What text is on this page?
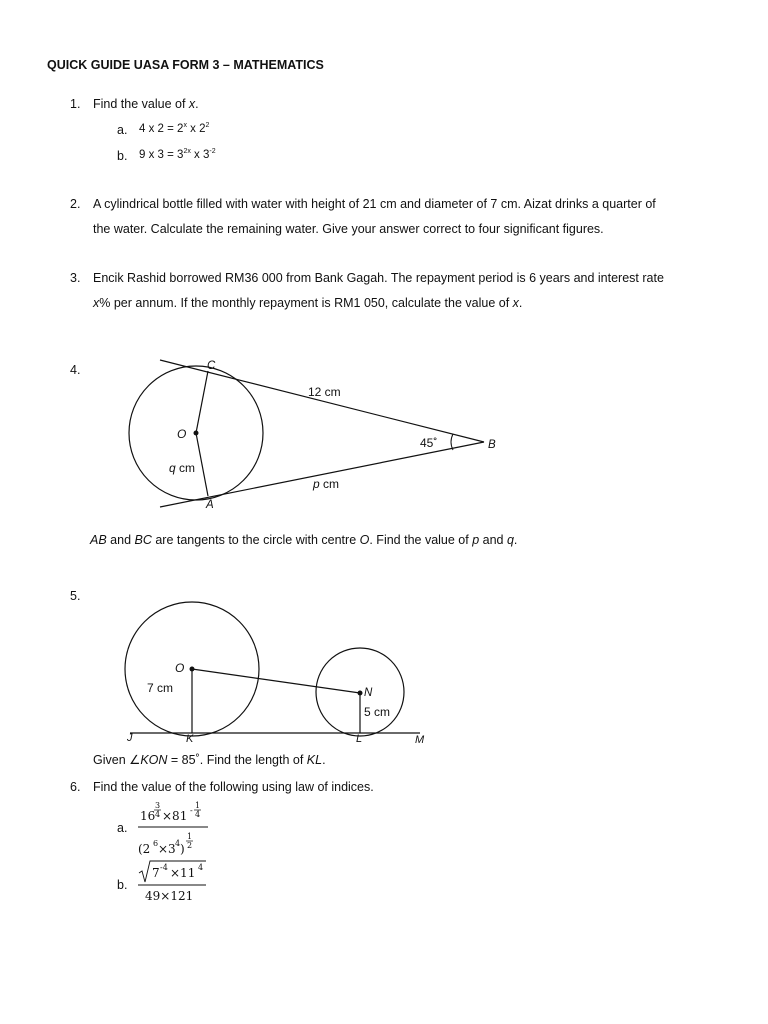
QUICK GUIDE UASA FORM 3 – MATHEMATICS
1. Find the value of x.
a. 4 x $2 = 2^x$ x $2^2$
b. 9 x $3 = 3^{2x}$ x $3^{-2}$
2. A cylindrical bottle filled with water with height of 21 cm and diameter of 7 cm. Aizat drinks a quarter of
the water. Calculate the remaining water. Give your answer correct to four significant figures.
3. Encik Rashid borrowed RM36 000 from Bank Gagah. The repayment period is 6 years and interest rate
x% per annum. If the monthly repayment is RM1 050, calculate the value of x.
4.	C
O
A
B
12 cm
45˚
q cm
p cm
AB and BC are tangents to the circle with centre O. Find the value of p and q.
5.
O
N
J	K	L	M
7 cm
5 cm
Given ∠KON = 85˚. Find the length of KL.
6. Find the value of the following using law of indices.
a.
16
3
4 ×81 -
1
4
(2 6 ×3 4 )
1
2
b.
7 -4 ×11 4
49×121
